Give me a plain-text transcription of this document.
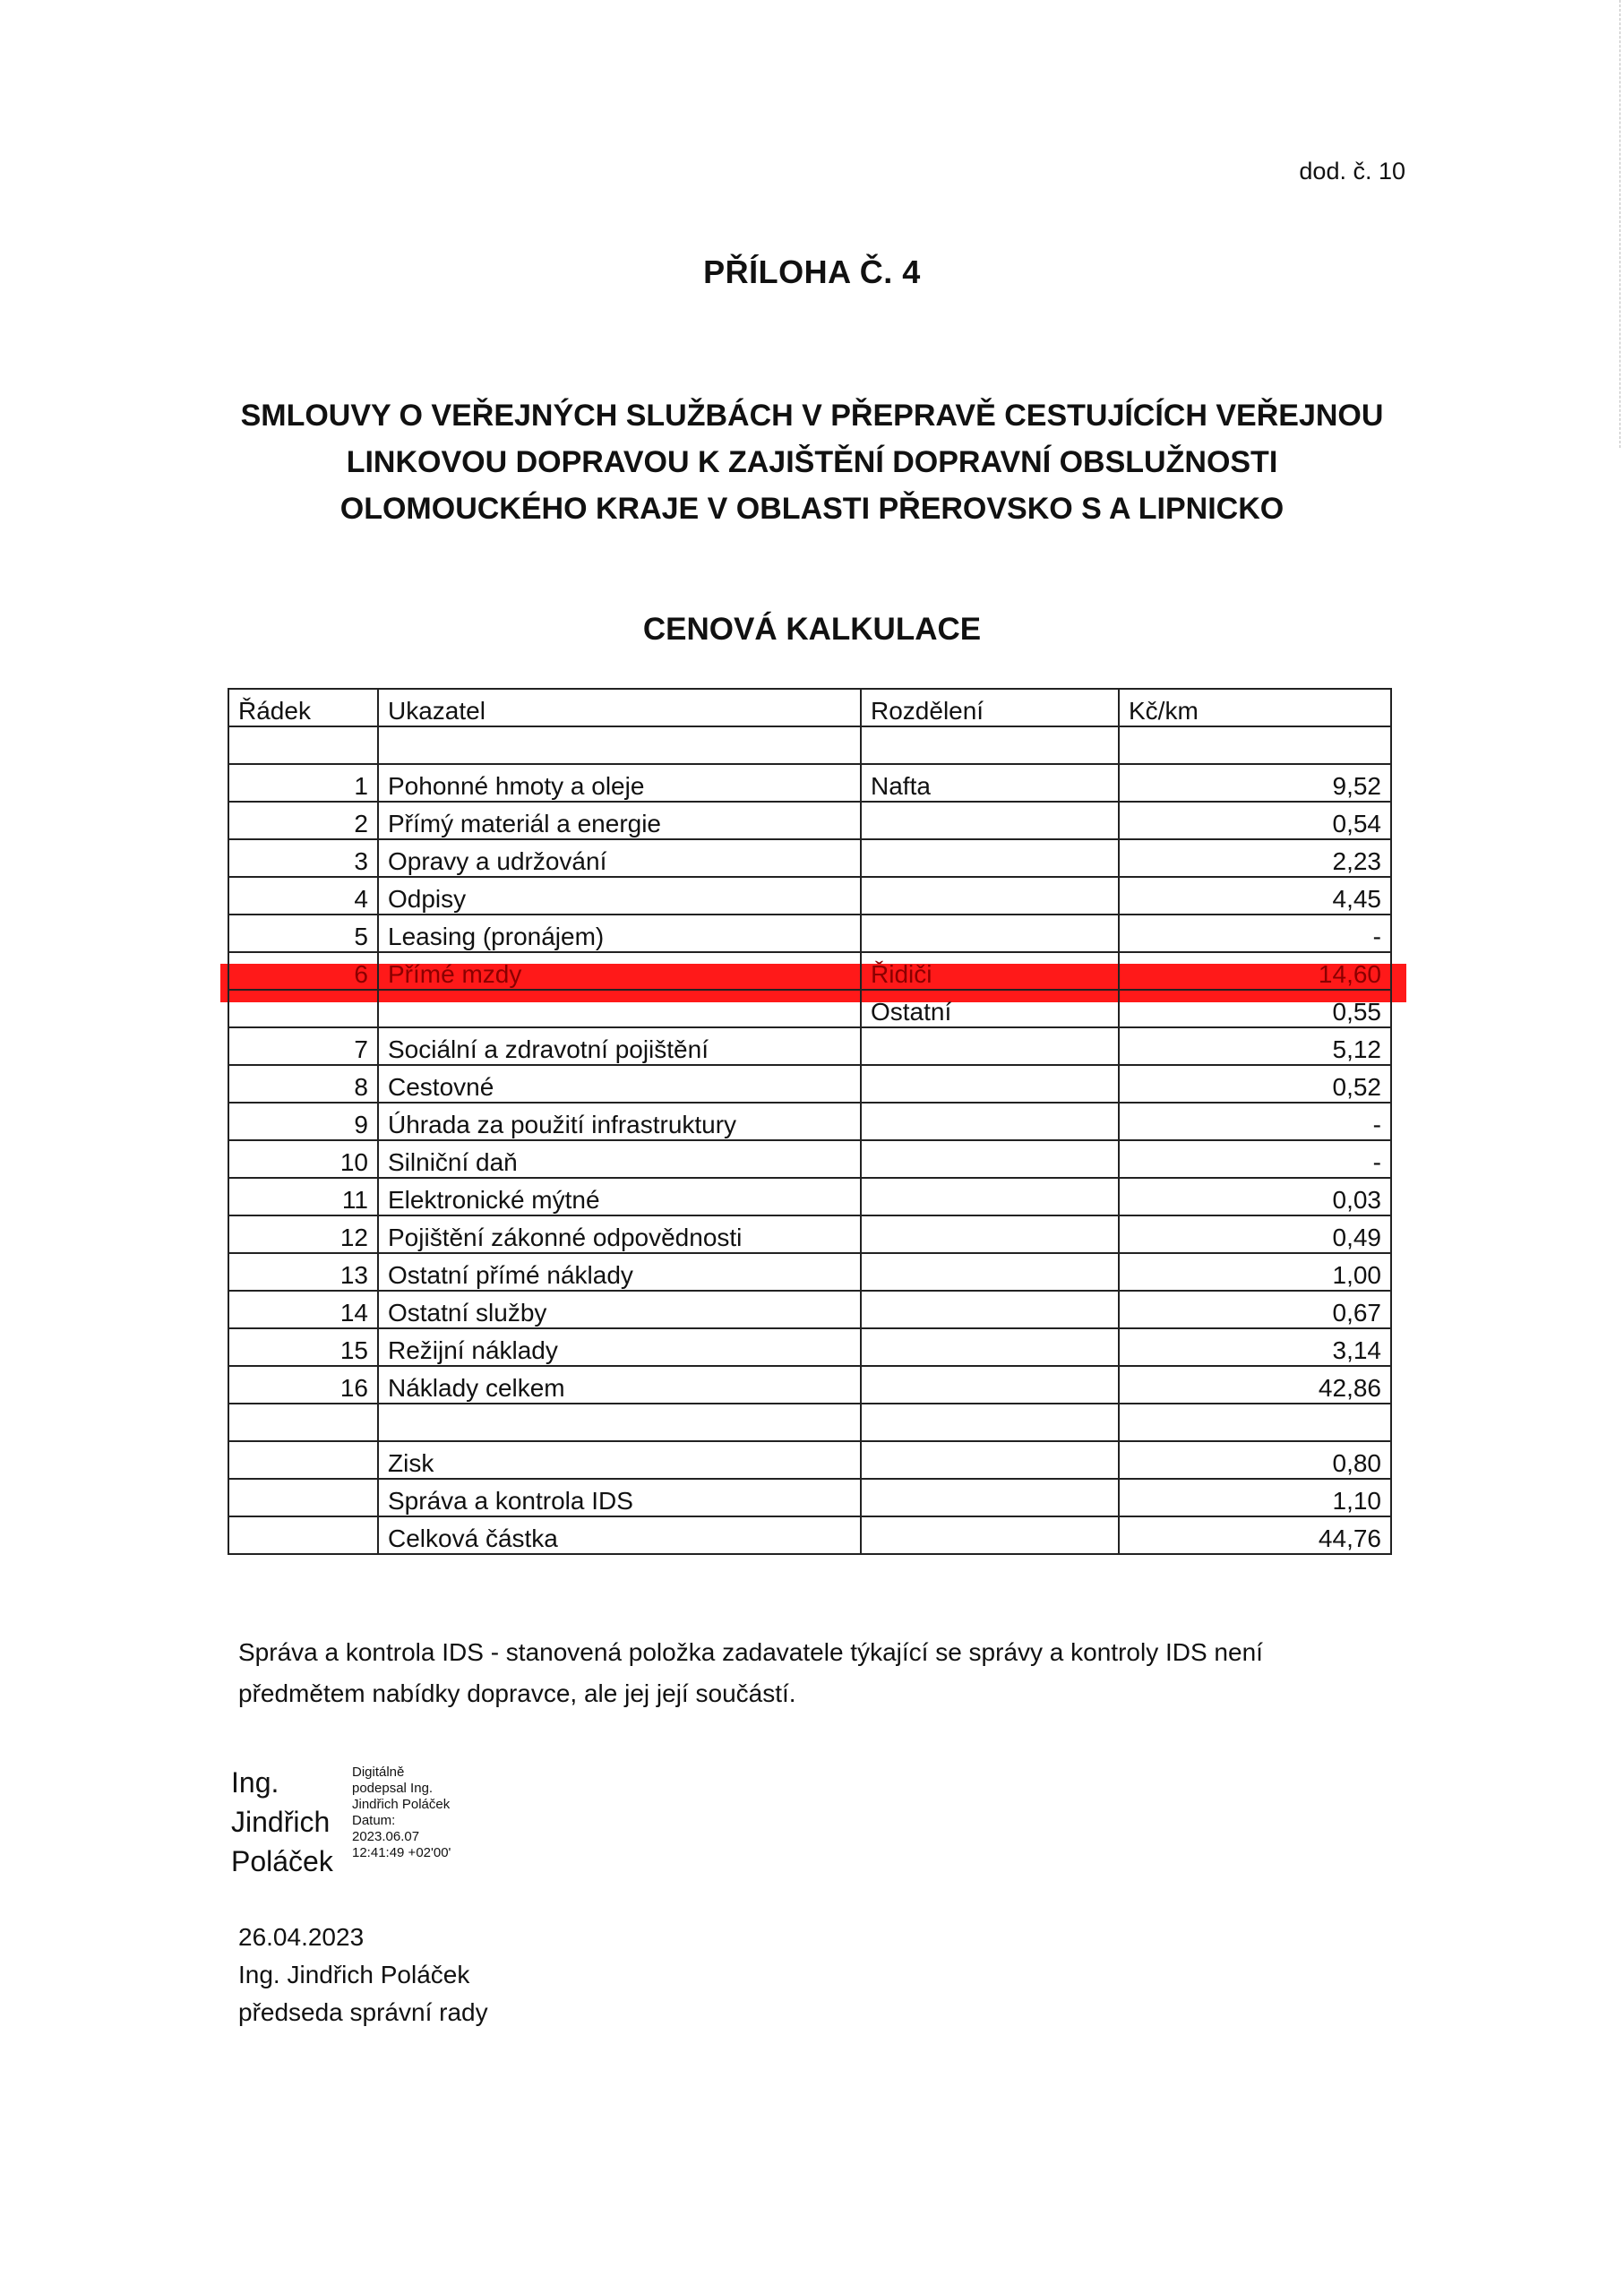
dod. č. 10
PŘÍLOHA Č. 4
SMLOUVY O VEŘEJNÝCH SLUŽBÁCH V PŘEPRAVĚ CESTUJÍCÍCH VEŘEJNOU
LINKOVOU DOPRAVOU K ZAJIŠTĚNÍ DOPRAVNÍ OBSLUŽNOSTI
OLOMOUCKÉHO KRAJE V OBLASTI PŘEROVSKO S A LIPNICKO
CENOVÁ KALKULACE
Řádek	Ukazatel	Rozdělení	Kč/km

1	Pohonné hmoty a oleje	Nafta	9,52
2	Přímý materiál a energie		0,54
3	Opravy a udržování		2,23
4	Odpisy		4,45
5	Leasing (pronájem)		-
6	Přímé mzdy	Řidiči	14,60
		Ostatní	0,55
7	Sociální a zdravotní pojištění		5,12
8	Cestovné		0,52
9	Úhrada za použití infrastruktury		-
10	Silniční daň		-
11	Elektronické mýtné		0,03
12	Pojištění zákonné odpovědnosti		0,49
13	Ostatní přímé náklady		1,00
14	Ostatní služby		0,67
15	Režijní náklady		3,14
16	Náklady celkem		42,86

	Zisk		0,80
	Správa a kontrola IDS		1,10
	Celková částka		44,76
Správa a kontrola IDS - stanovená položka zadavatele týkající se správy a kontroly IDS není
předmětem nabídky dopravce, ale jej její součástí.
Ing.
Jindřich
Poláček
Digitálně
podepsal Ing.
Jindřich Poláček
Datum:
2023.06.07
12:41:49 +02'00'
26.04.2023
Ing. Jindřich Poláček
předseda správní rady
